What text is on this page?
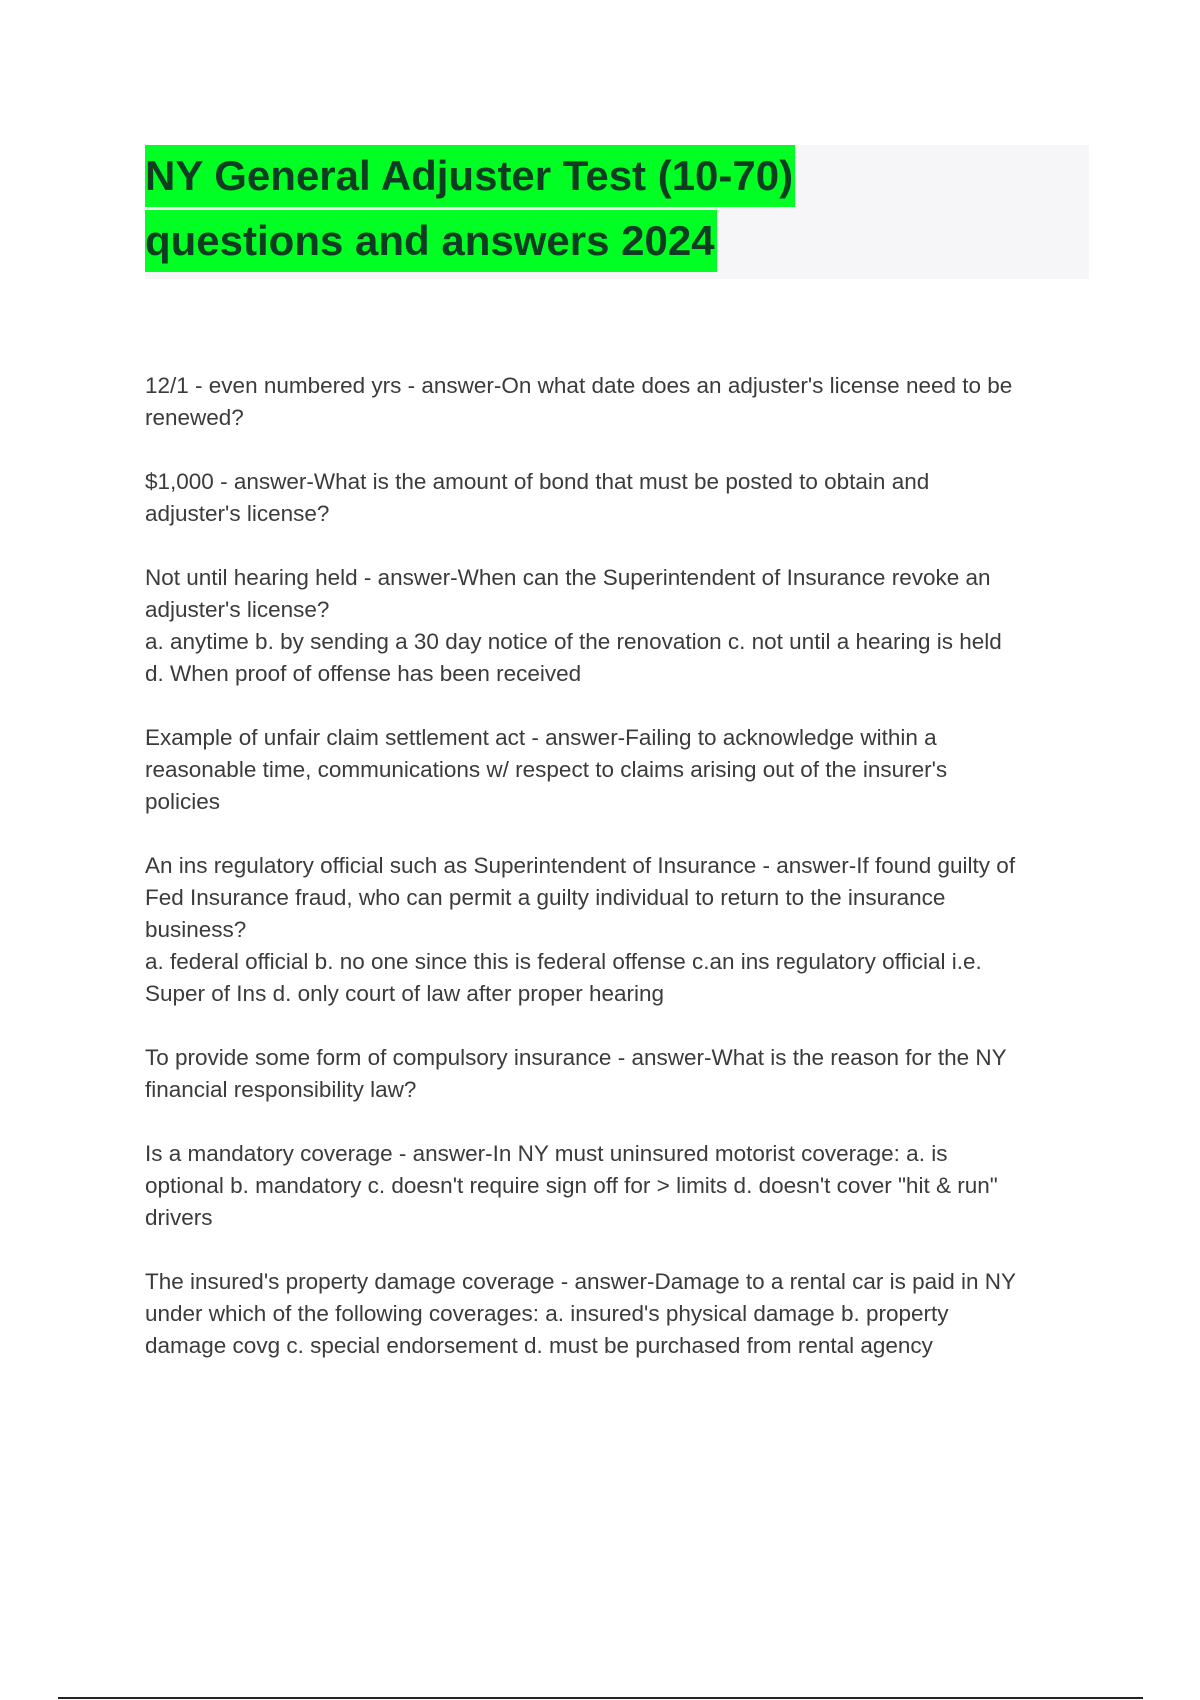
NY General Adjuster Test (10-70)
questions and answers 2024

12/1 - even numbered yrs - answer-On what date does an adjuster's license need to be
renewed?

$1,000 - answer-What is the amount of bond that must be posted to obtain and
adjuster's license?

Not until hearing held - answer-When can the Superintendent of Insurance revoke an
adjuster's license?
a. anytime b. by sending a 30 day notice of the renovation c. not until a hearing is held
d. When proof of offense has been received

Example of unfair claim settlement act - answer-Failing to acknowledge within a
reasonable time, communications w/ respect to claims arising out of the insurer's
policies

An ins regulatory official such as Superintendent of Insurance - answer-If found guilty of
Fed Insurance fraud, who can permit a guilty individual to return to the insurance
business?
a. federal official b. no one since this is federal offense c.an ins regulatory official i.e.
Super of Ins d. only court of law after proper hearing

To provide some form of compulsory insurance - answer-What is the reason for the NY
financial responsibility law?

Is a mandatory coverage - answer-In NY must uninsured motorist coverage: a. is
optional b. mandatory c. doesn't require sign off for > limits d. doesn't cover "hit & run"
drivers

The insured's property damage coverage - answer-Damage to a rental car is paid in NY
under which of the following coverages: a. insured's physical damage b. property
damage covg c. special endorsement d. must be purchased from rental agency
